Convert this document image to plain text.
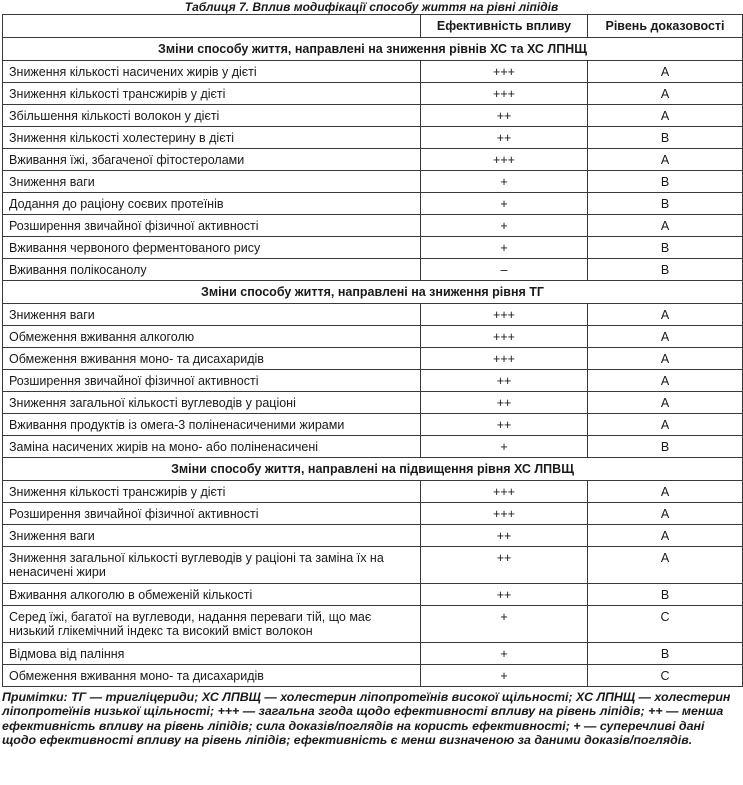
Таблиця 7. Вплив модифікації способу життя на рівні ліпідів
	Ефективність впливу	Рівень доказовості
Зміни способу життя, направлені на зниження рівнів ХС та ХС ЛПНЩ		
Зниження кількості насичених жирів у дієті	+++	A
Зниження кількості трансжирів у дієті	+++	A
Збільшення кількості волокон у дієті	++	A
Зниження кількості холестерину в дієті	++	B
Вживання їжі, збагаченої фітостеролами	+++	A
Зниження ваги	+	B
Додання до раціону соєвих протеїнів	+	B
Розширення звичайної фізичної активності	+	A
Вживання червоного ферментованого рису	+	B
Вживання полікосанолу	–	B
Зміни способу життя, направлені на зниження рівня ТГ		
Зниження ваги	+++	A
Обмеження вживання алкоголю	+++	A
Обмеження вживання моно- та дисахаридів	+++	A
Розширення звичайної фізичної активності	++	A
Зниження загальної кількості вуглеводів у раціоні	++	A
Вживання продуктів із омега-3 поліненасиченими жирами	++	A
Заміна насичених жирів на моно- або поліненасичені	+	B
Зміни способу життя, направлені на підвищення рівня ХС ЛПВЩ		
Зниження кількості трансжирів у дієті	+++	A
Розширення звичайної фізичної активності	+++	A
Зниження ваги	++	A
Зниження загальної кількості вуглеводів у раціоні та заміна їх на ненасичені жири	++	A
Вживання алкоголю в обмеженій кількості	++	B
Серед їжі, багатої на вуглеводи, надання переваги тій, що має низький глікемічний індекс та високий вміст волокон	+	C
Відмова від паління	+	B
Обмеження вживання моно- та дисахаридів	+	C
Примітки: ТГ — тригліцериди; ХС ЛПВЩ — холестерин ліпопротеїнів високої щільності; ХС ЛПНЩ — холестерин ліпопротеїнів низької щільності; +++ — загальна згода щодо ефективності впливу на рівень ліпідів; ++ — менша ефективність впливу на рівень ліпідів; сила доказів/поглядів на користь ефективності; + — суперечливі дані щодо ефективності впливу на рівень ліпідів; ефективність є менш визначеною за даними доказів/поглядів.
